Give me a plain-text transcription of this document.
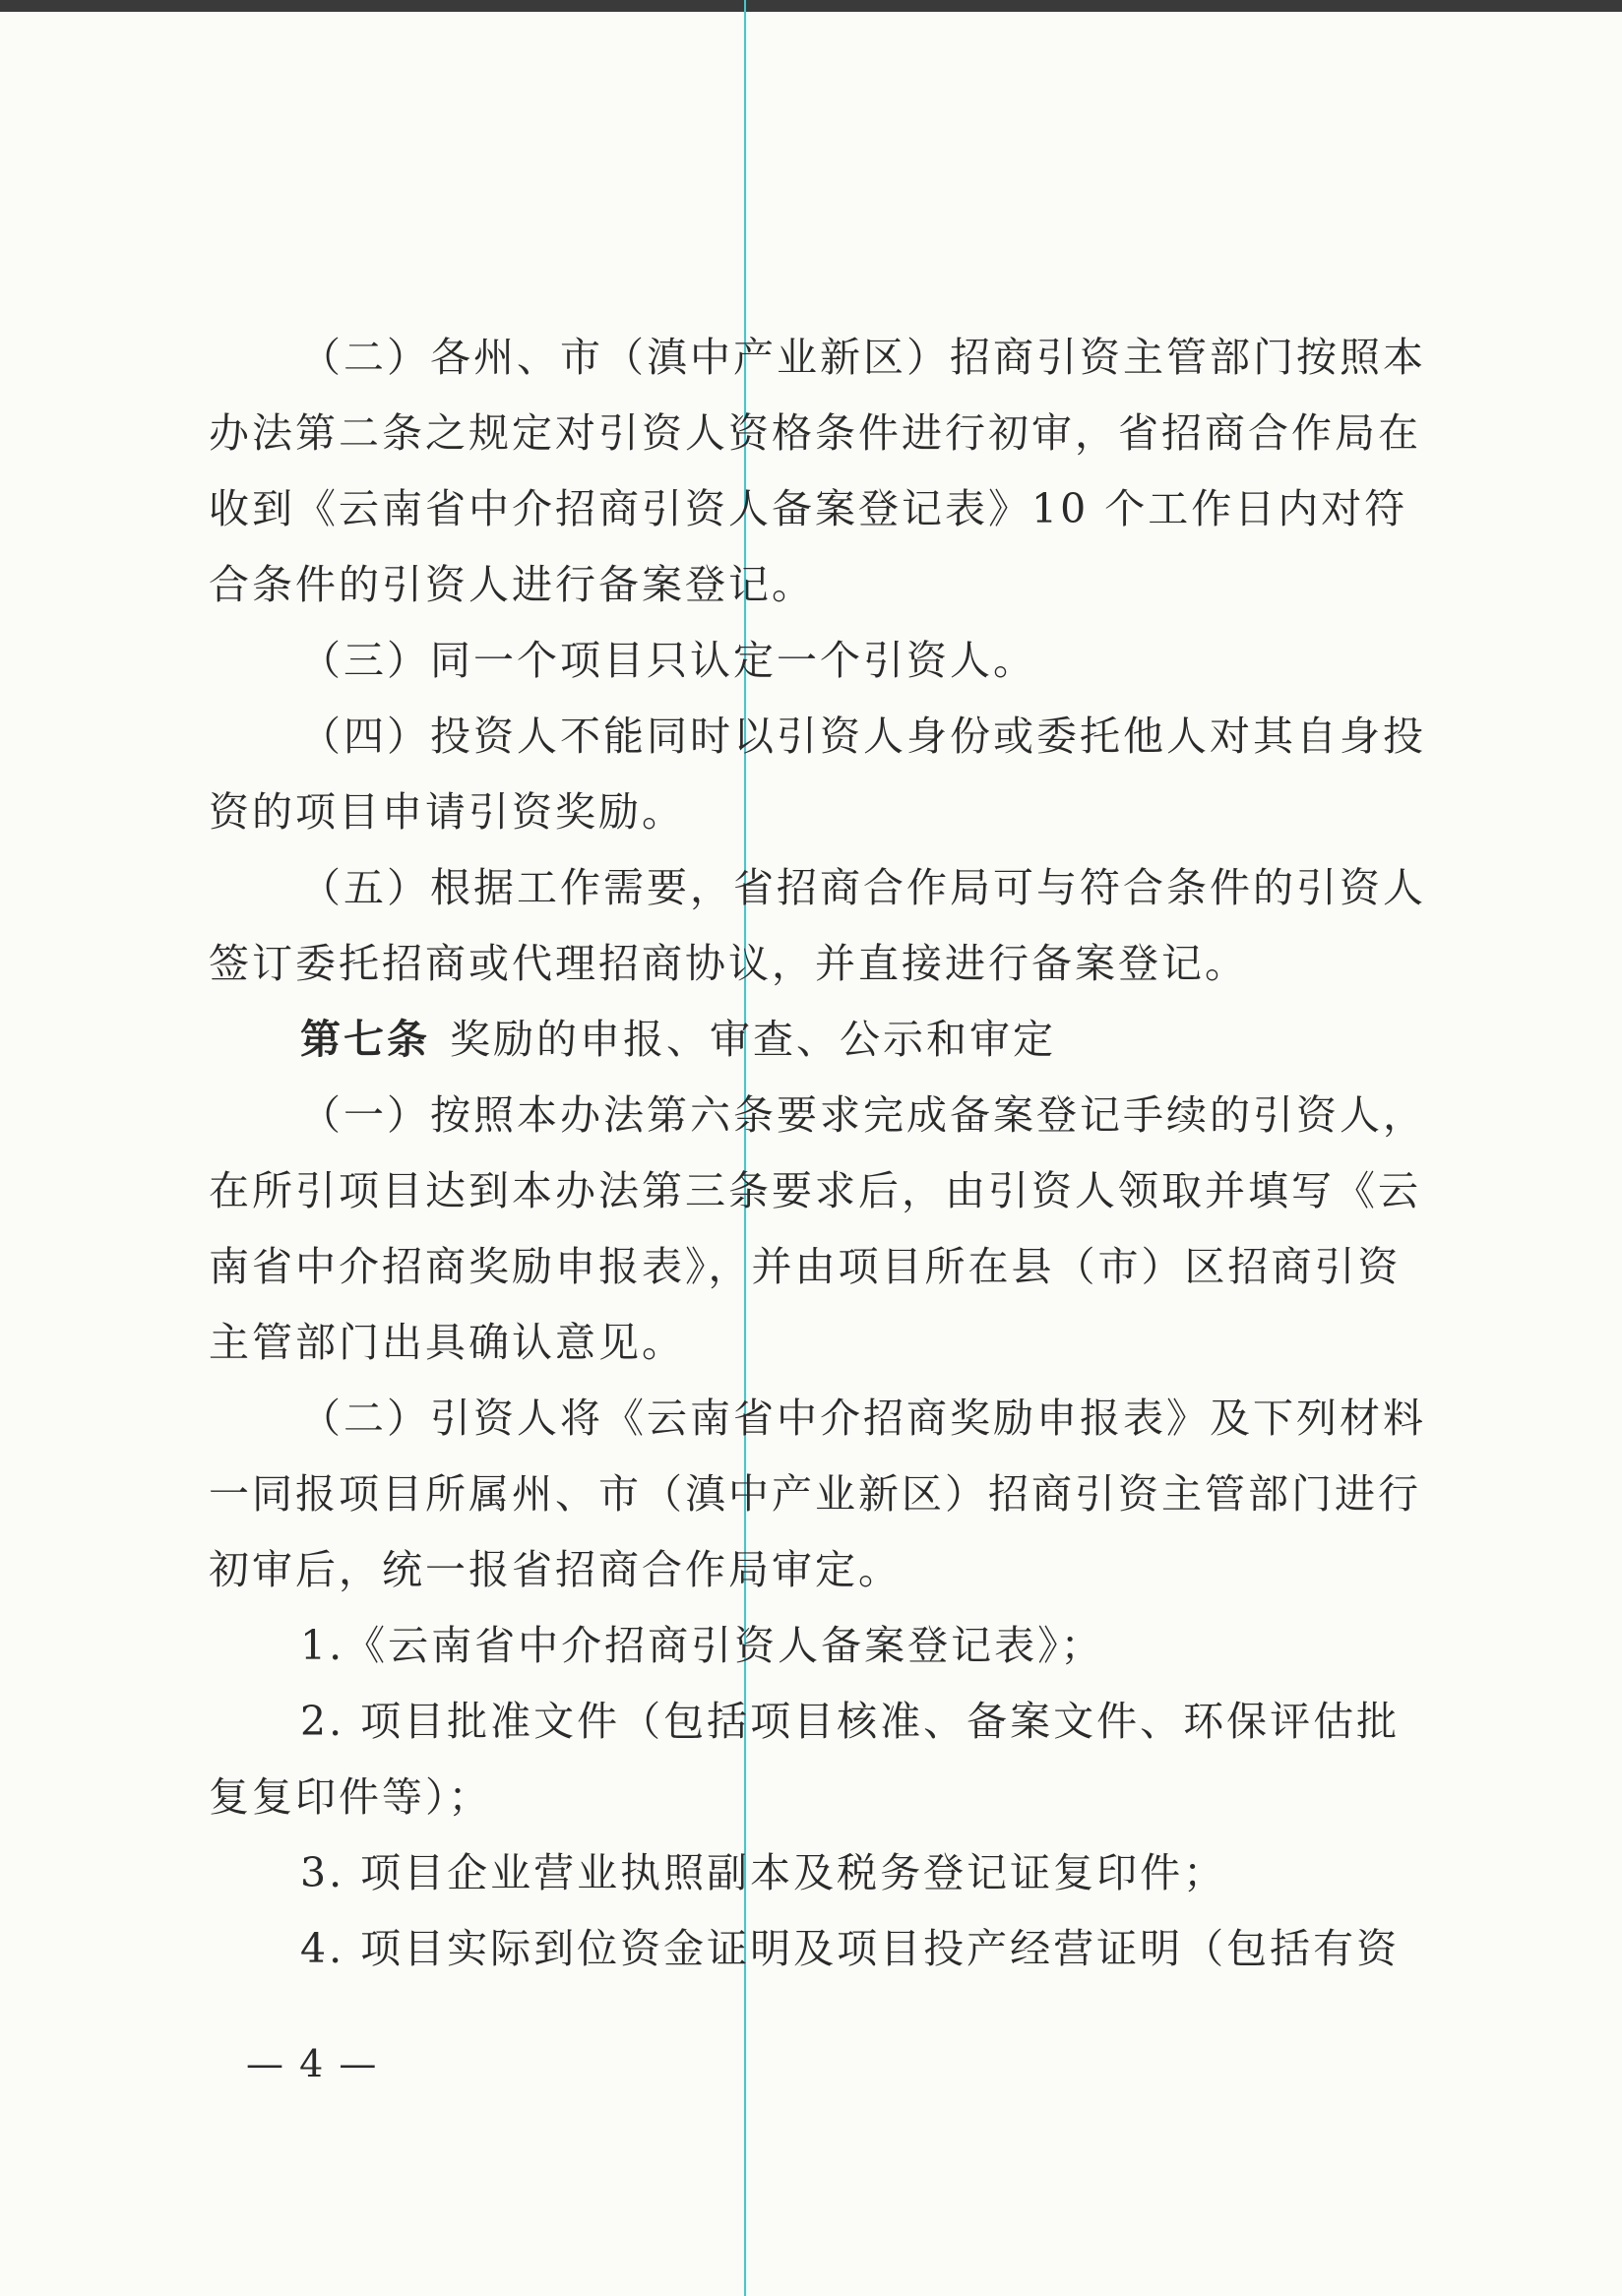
（二）各州、市（滇中产业新区）招商引资主管部门按照本
办法第二条之规定对引资人资格条件进行初审，省招商合作局在
收到《云南省中介招商引资人备案登记表》10 个工作日内对符
合条件的引资人进行备案登记。
（三）同一个项目只认定一个引资人。
（四）投资人不能同时以引资人身份或委托他人对其自身投
资的项目申请引资奖励。
（五）根据工作需要，省招商合作局可与符合条件的引资人
签订委托招商或代理招商协议，并直接进行备案登记。
第七条 奖励的申报、审查、公示和审定
（一）按照本办法第六条要求完成备案登记手续的引资人，
在所引项目达到本办法第三条要求后，由引资人领取并填写《云
南省中介招商奖励申报表》，并由项目所在县（市）区招商引资
主管部门出具确认意见。
（二）引资人将《云南省中介招商奖励申报表》及下列材料
一同报项目所属州、市（滇中产业新区）招商引资主管部门进行
初审后，统一报省招商合作局审定。
1.《云南省中介招商引资人备案登记表》；
2. 项目批准文件（包括项目核准、备案文件、环保评估批
复复印件等）；
3. 项目企业营业执照副本及税务登记证复印件；
4. 项目实际到位资金证明及项目投产经营证明（包括有资
— 4 —
